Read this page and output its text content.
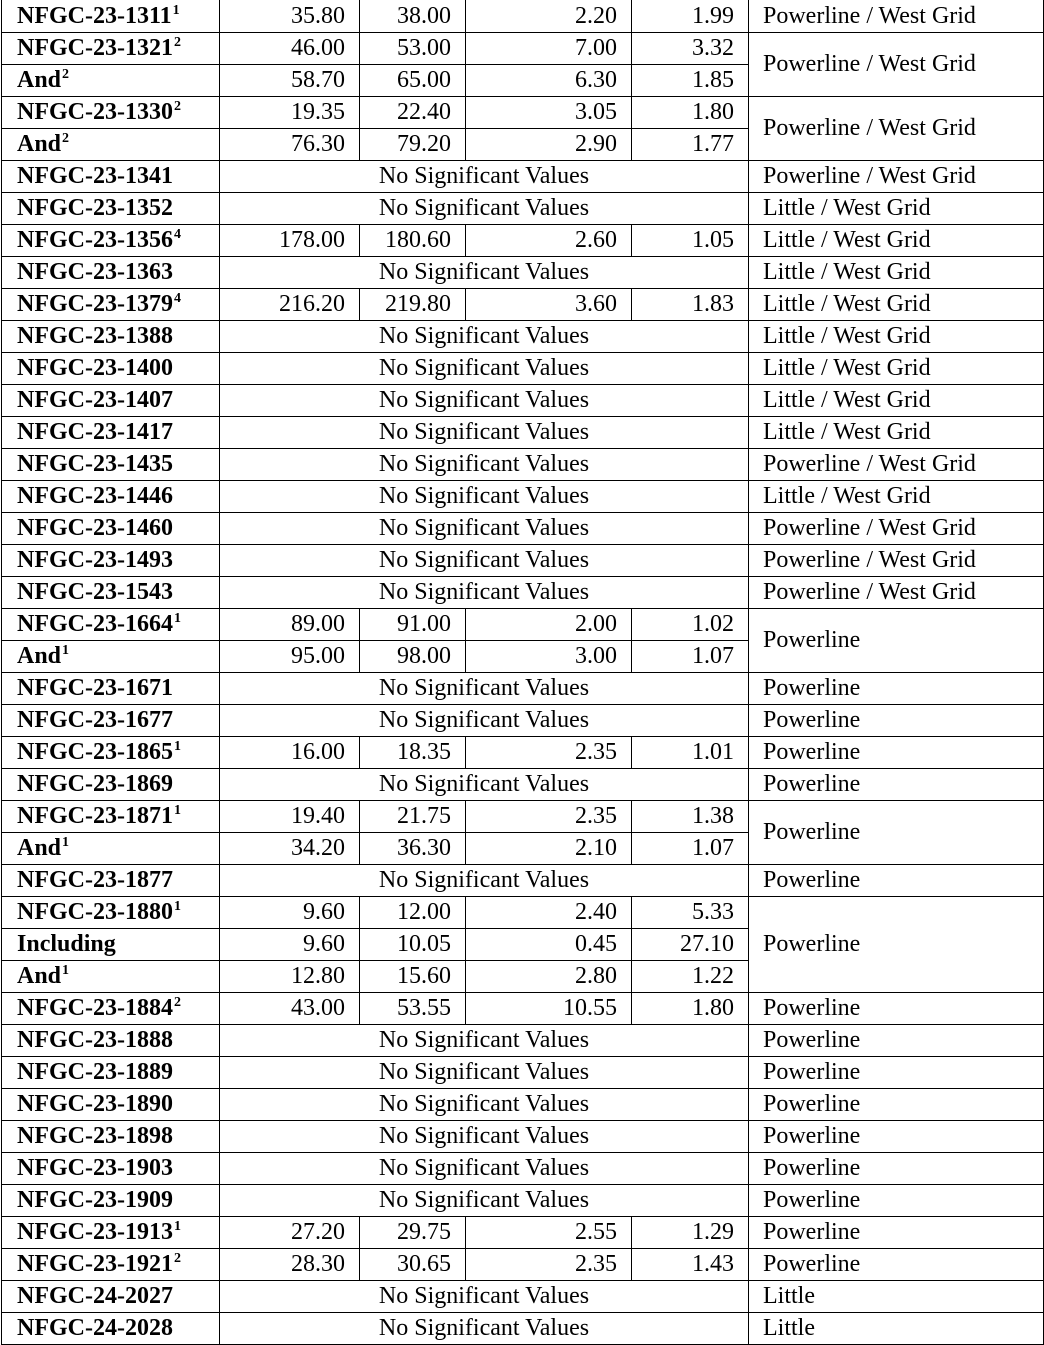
NFGC-23-1311$^1$	35.80	38.00	2.20	1.99	Powerline / West Grid
NFGC-23-1321$^2$	46.00	53.00	7.00	3.32	Powerline / West Grid
And$^2$	58.70	65.00	6.30	1.85	
NFGC-23-1330$^2$	19.35	22.40	3.05	1.80	Powerline / West Grid
And$^2$	76.30	79.20	2.90	1.77	
NFGC-23-1341	No Significant Values				Powerline / West Grid
NFGC-23-1352	No Significant Values				Little / West Grid
NFGC-23-1356$^4$	178.00	180.60	2.60	1.05	Little / West Grid
NFGC-23-1363	No Significant Values				Little / West Grid
NFGC-23-1379$^4$	216.20	219.80	3.60	1.83	Little / West Grid
NFGC-23-1388	No Significant Values				Little / West Grid
NFGC-23-1400	No Significant Values				Little / West Grid
NFGC-23-1407	No Significant Values				Little / West Grid
NFGC-23-1417	No Significant Values				Little / West Grid
NFGC-23-1435	No Significant Values				Powerline / West Grid
NFGC-23-1446	No Significant Values				Little / West Grid
NFGC-23-1460	No Significant Values				Powerline / West Grid
NFGC-23-1493	No Significant Values				Powerline / West Grid
NFGC-23-1543	No Significant Values				Powerline / West Grid
NFGC-23-1664$^1$	89.00	91.00	2.00	1.02	Powerline
And$^1$	95.00	98.00	3.00	1.07	
NFGC-23-1671	No Significant Values				Powerline
NFGC-23-1677	No Significant Values				Powerline
NFGC-23-1865$^1$	16.00	18.35	2.35	1.01	Powerline
NFGC-23-1869	No Significant Values				Powerline
NFGC-23-1871$^1$	19.40	21.75	2.35	1.38	Powerline
And$^1$	34.20	36.30	2.10	1.07	
NFGC-23-1877	No Significant Values				Powerline
NFGC-23-1880$^1$	9.60	12.00	2.40	5.33	Powerline
Including	9.60	10.05	0.45	27.10	
And$^1$	12.80	15.60	2.80	1.22	
NFGC-23-1884$^2$	43.00	53.55	10.55	1.80	Powerline
NFGC-23-1888	No Significant Values				Powerline
NFGC-23-1889	No Significant Values				Powerline
NFGC-23-1890	No Significant Values				Powerline
NFGC-23-1898	No Significant Values				Powerline
NFGC-23-1903	No Significant Values				Powerline
NFGC-23-1909	No Significant Values				Powerline
NFGC-23-1913$^1$	27.20	29.75	2.55	1.29	Powerline
NFGC-23-1921$^2$	28.30	30.65	2.35	1.43	Powerline
NFGC-24-2027	No Significant Values				Little
NFGC-24-2028	No Significant Values				Little
